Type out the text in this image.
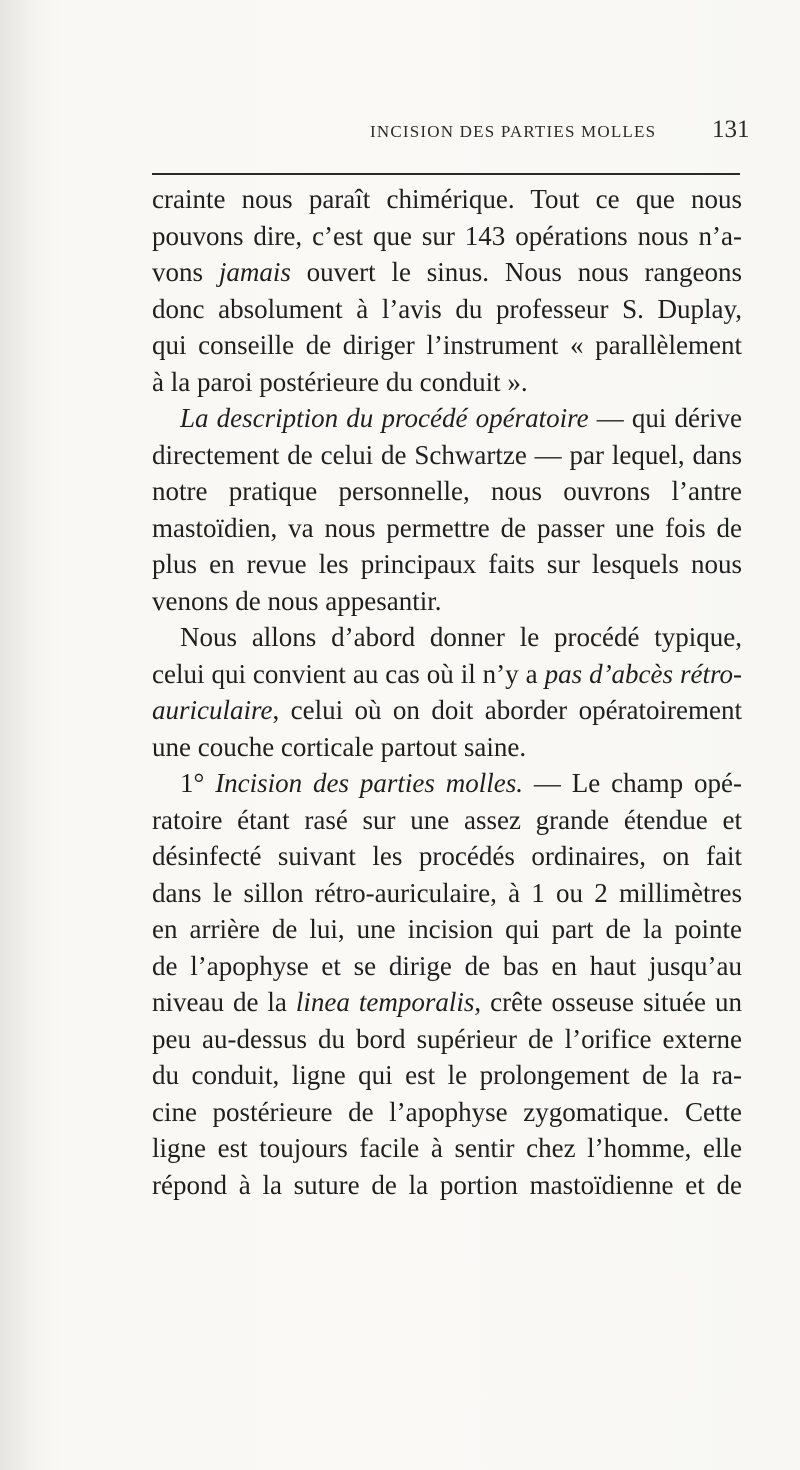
INCISION DES PARTIES MOLLES 131
crainte nous paraît chimérique. Tout ce que nous
pouvons dire, c’est que sur 143 opérations nous n’a-
vons jamais ouvert le sinus. Nous nous rangeons
donc absolument à l’avis du professeur S. Duplay,
qui conseille de diriger l’instrument « parallèlement
à la paroi postérieure du conduit ».
La description du procédé opératoire — qui dérive
directement de celui de Schwartze — par lequel, dans
notre pratique personnelle, nous ouvrons l’antre
mastoïdien, va nous permettre de passer une fois de
plus en revue les principaux faits sur lesquels nous
venons de nous appesantir.
Nous allons d’abord donner le procédé typique,
celui qui convient au cas où il n’y a pas d’abcès rétro-
auriculaire, celui où on doit aborder opératoirement
une couche corticale partout saine.
1° Incision des parties molles. — Le champ opé-
ratoire étant rasé sur une assez grande étendue et
désinfecté suivant les procédés ordinaires, on fait
dans le sillon rétro-auriculaire, à 1 ou 2 millimètres
en arrière de lui, une incision qui part de la pointe
de l’apophyse et se dirige de bas en haut jusqu’au
niveau de la linea temporalis, crête osseuse située un
peu au-dessus du bord supérieur de l’orifice externe
du conduit, ligne qui est le prolongement de la ra-
cine postérieure de l’apophyse zygomatique. Cette
ligne est toujours facile à sentir chez l’homme, elle
répond à la suture de la portion mastoïdienne et de
